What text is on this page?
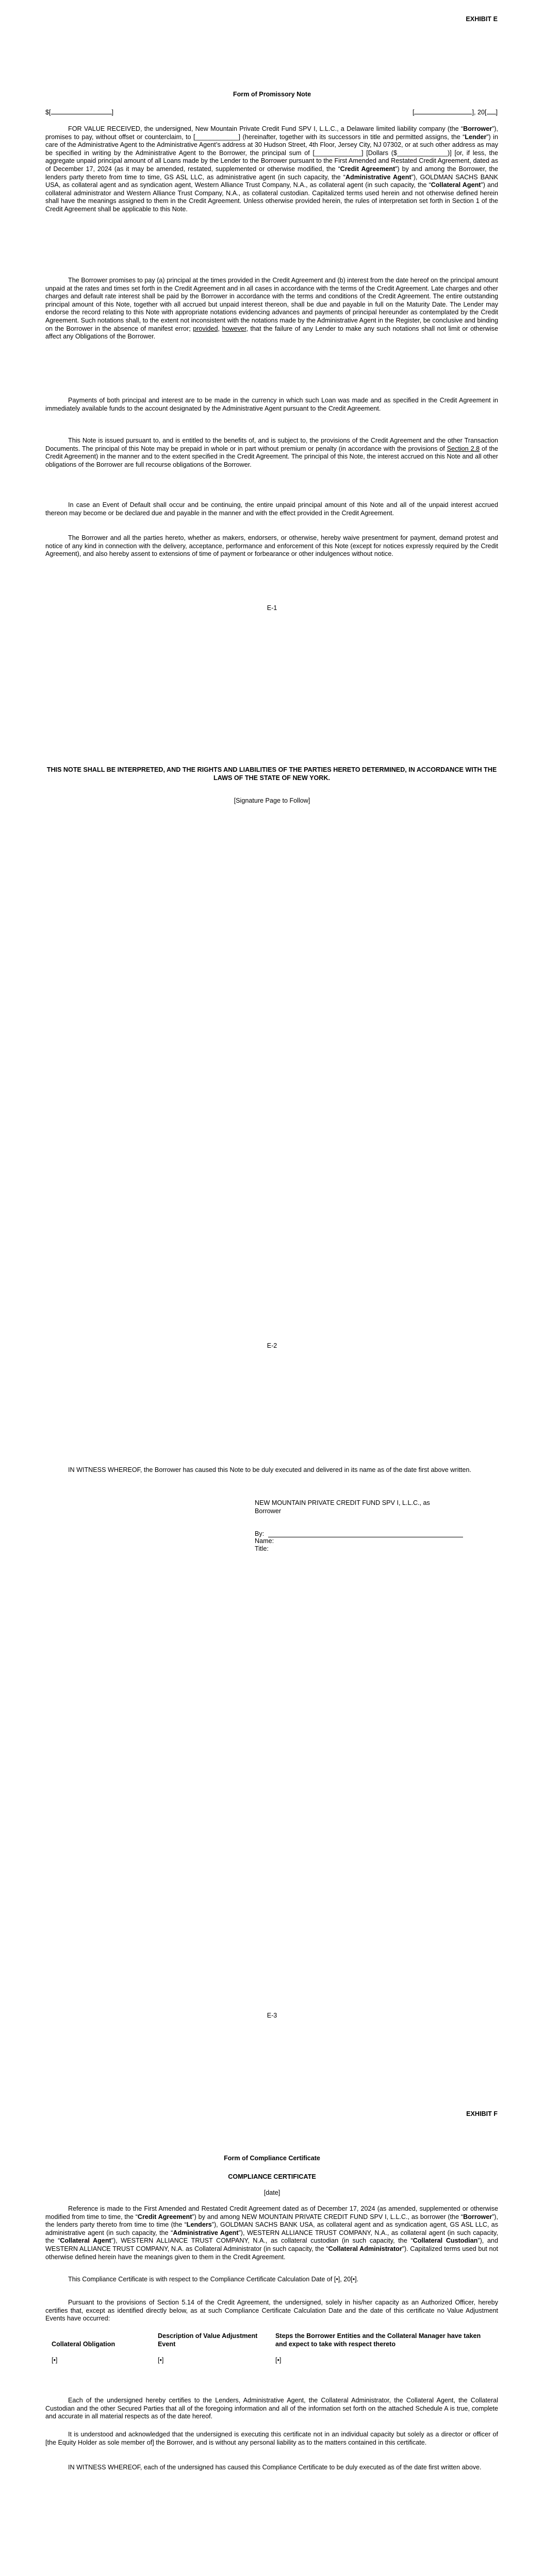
EXHIBIT E
Form of Promissory Note
$[	]	[	], 20[ ]

FOR VALUE RECEIVED, the undersigned, New Mountain Private Credit Fund SPV I, L.L.C., a Delaware limited liability company (the “Borrower”), promises to pay, without offset or counterclaim, to [____________] (hereinafter, together with its successors in title and permitted assigns, the “Lender”) in care of the Administrative Agent to the Administrative Agent’s address at 30 Hudson Street, 4th Floor, Jersey City, NJ 07302, or at such other address as may be specified in writing by the Administrative Agent to the Borrower, the principal sum of [_____________] [Dollars ($______________)] [or, if less, the aggregate unpaid principal amount of all Loans made by the Lender to the Borrower pursuant to the First Amended and Restated Credit Agreement, dated as of December 17, 2024 (as it may be amended, restated, supplemented or otherwise modified, the “Credit Agreement”) by and among the Borrower, the lenders party thereto from time to time, GS ASL LLC, as administrative agent (in such capacity, the “Administrative Agent”), GOLDMAN SACHS BANK USA, as collateral agent and as syndication agent, Western Alliance Trust Company, N.A., as collateral agent (in such capacity, the “Collateral Agent”) and collateral administrator and Western Alliance Trust Company, N.A., as collateral custodian. Capitalized terms used herein and not otherwise defined herein shall have the meanings assigned to them in the Credit Agreement. Unless otherwise provided herein, the rules of interpretation set forth in Section 1 of the Credit Agreement shall be applicable to this Note.

The Borrower promises to pay (a) principal at the times provided in the Credit Agreement and (b) interest from the date hereof on the principal amount unpaid at the rates and times set forth in the Credit Agreement and in all cases in accordance with the terms of the Credit Agreement. Late charges and other charges and default rate interest shall be paid by the Borrower in accordance with the terms and conditions of the Credit Agreement. The entire outstanding principal amount of this Note, together with all accrued but unpaid interest thereon, shall be due and payable in full on the Maturity Date. The Lender may endorse the record relating to this Note with appropriate notations evidencing advances and payments of principal hereunder as contemplated by the Credit Agreement. Such notations shall, to the extent not inconsistent with the notations made by the Administrative Agent in the Register, be conclusive and binding on the Borrower in the absence of manifest error; provided, however, that the failure of any Lender to make any such notations shall not limit or otherwise affect any Obligations of the Borrower.

Payments of both principal and interest are to be made in the currency in which such Loan was made and as specified in the Credit Agreement in immediately available funds to the account designated by the Administrative Agent pursuant to the Credit Agreement.

This Note is issued pursuant to, and is entitled to the benefits of, and is subject to, the provisions of the Credit Agreement and the other Transaction Documents. The principal of this Note may be prepaid in whole or in part without premium or penalty (in accordance with the provisions of Section 2.8 of the Credit Agreement) in the manner and to the extent specified in the Credit Agreement. The principal of this Note, the interest accrued on this Note and all other obligations of the Borrower are full recourse obligations of the Borrower.

In case an Event of Default shall occur and be continuing, the entire unpaid principal amount of this Note and all of the unpaid interest accrued thereon may become or be declared due and payable in the manner and with the effect provided in the Credit Agreement.

The Borrower and all the parties hereto, whether as makers, endorsers, or otherwise, hereby waive presentment for payment, demand protest and notice of any kind in connection with the delivery, acceptance, performance and enforcement of this Note (except for notices expressly required by the Credit Agreement), and also hereby assent to extensions of time of payment or forbearance or other indulgences without notice.

E-1

THIS NOTE SHALL BE INTERPRETED, AND THE RIGHTS AND LIABILITIES OF THE PARTIES HERETO DETERMINED, IN ACCORDANCE WITH THE LAWS OF THE STATE OF NEW YORK.

[Signature Page to Follow]
E-2

IN WITNESS WHEREOF, the Borrower has caused this Note to be duly executed and delivered in its name as of the date first above written.

NEW MOUNTAIN PRIVATE CREDIT FUND SPV I, L.L.C., as Borrower
By:
Name:
Title:
E-3
EXHIBIT F
Form of Compliance Certificate
COMPLIANCE CERTIFICATE
[date]

Reference is made to the First Amended and Restated Credit Agreement dated as of December 17, 2024 (as amended, supplemented or otherwise modified from time to time, the “Credit Agreement”) by and among NEW MOUNTAIN PRIVATE CREDIT FUND SPV I, L.L.C., as borrower (the “Borrower”), the lenders party thereto from time to time (the “Lenders”), GOLDMAN SACHS BANK USA, as collateral agent and as syndication agent, GS ASL LLC, as administrative agent (in such capacity, the “Administrative Agent”), WESTERN ALLIANCE TRUST COMPANY, N.A., as collateral agent (in such capacity, the “Collateral Agent”), WESTERN ALLIANCE TRUST COMPANY, N.A., as collateral custodian (in such capacity, the “Collateral Custodian”), and WESTERN ALLIANCE TRUST COMPANY, N.A. as Collateral Administrator (in such capacity, the “Collateral Administrator”). Capitalized terms used but not otherwise defined herein have the meanings given to them in the Credit Agreement.

This Compliance Certificate is with respect to the Compliance Certificate Calculation Date of [•], 20[•].

Pursuant to the provisions of Section 5.14 of the Credit Agreement, the undersigned, solely in his/her capacity as an Authorized Officer, hereby certifies that, except as identified directly below, as at such Compliance Certificate Calculation Date and the date of this certificate no Value Adjustment Events have occurred:

Collateral Obligation	Description of Value Adjustment Event	Steps the Borrower Entities and the Collateral Manager have taken and expect to take with respect thereto
[•]	[•]	[•]

Each of the undersigned hereby certifies to the Lenders, Administrative Agent, the Collateral Administrator, the Collateral Agent, the Collateral Custodian and the other Secured Parties that all of the foregoing information and all of the information set forth on the attached Schedule A is true, complete and accurate in all material respects as of the date hereof.

It is understood and acknowledged that the undersigned is executing this certificate not in an individual capacity but solely as a director or officer of [the Equity Holder as sole member of] the Borrower, and is without any personal liability as to the matters contained in this certificate.

IN WITNESS WHEREOF, each of the undersigned has caused this Compliance Certificate to be duly executed as of the date first written above.
